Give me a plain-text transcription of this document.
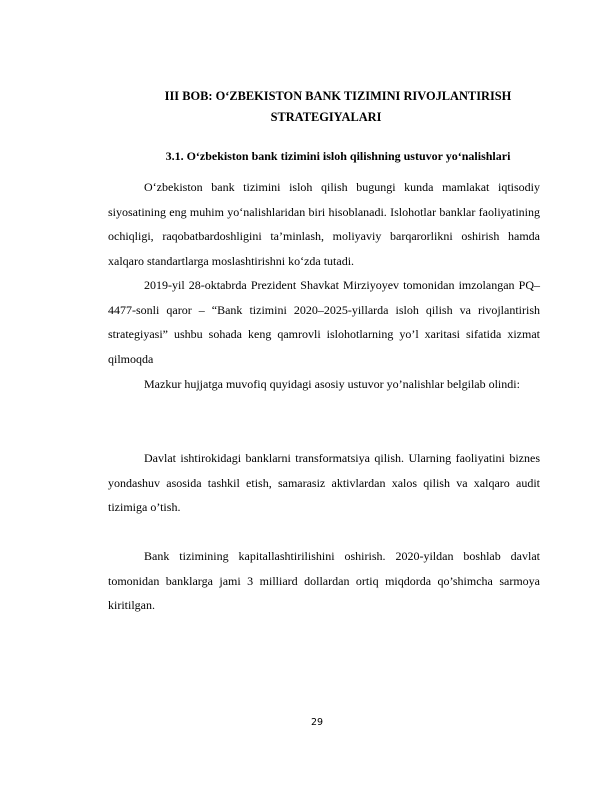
III BOB: O‘ZBEKISTON BANK TIZIMINI RIVOJLANTIRISH
STRATEGIYALARI
3.1. O‘zbekiston bank tizimini isloh qilishning ustuvor yo‘nalishlari

O‘zbekiston bank tizimini isloh qilish bugungi kunda mamlakat iqtisodiy siyosatining eng muhim yo‘nalishlaridan biri hisoblanadi. Islohotlar banklar faoliyatining ochiqligi, raqobatbardoshligini ta’minlash, moliyaviy barqarorlikni oshirish hamda xalqaro standartlarga moslashtirishni ko‘zda tutadi.

2019-yil 28-oktabrda Prezident Shavkat Mirziyoyev tomonidan imzolangan PQ–4477-sonli qaror – “Bank tizimini 2020–2025-yillarda isloh qilish va rivojlantirish strategiyasi” ushbu sohada keng qamrovli islohotlarning yo’l xaritasi sifatida xizmat qilmoqda

Mazkur hujjatga muvofiq quyidagi asosiy ustuvor yo’nalishlar belgilab olindi:

Davlat ishtirokidagi banklarni transformatsiya qilish. Ularning faoliyatini biznes yondashuv asosida tashkil etish, samarasiz aktivlardan xalos qilish va xalqaro audit tizimiga o’tish.

Bank tizimining kapitallashtirilishini oshirish. 2020-yildan boshlab davlat tomonidan banklarga jami 3 milliard dollardan ortiq miqdorda qo’shimcha sarmoya kiritilgan.

29
